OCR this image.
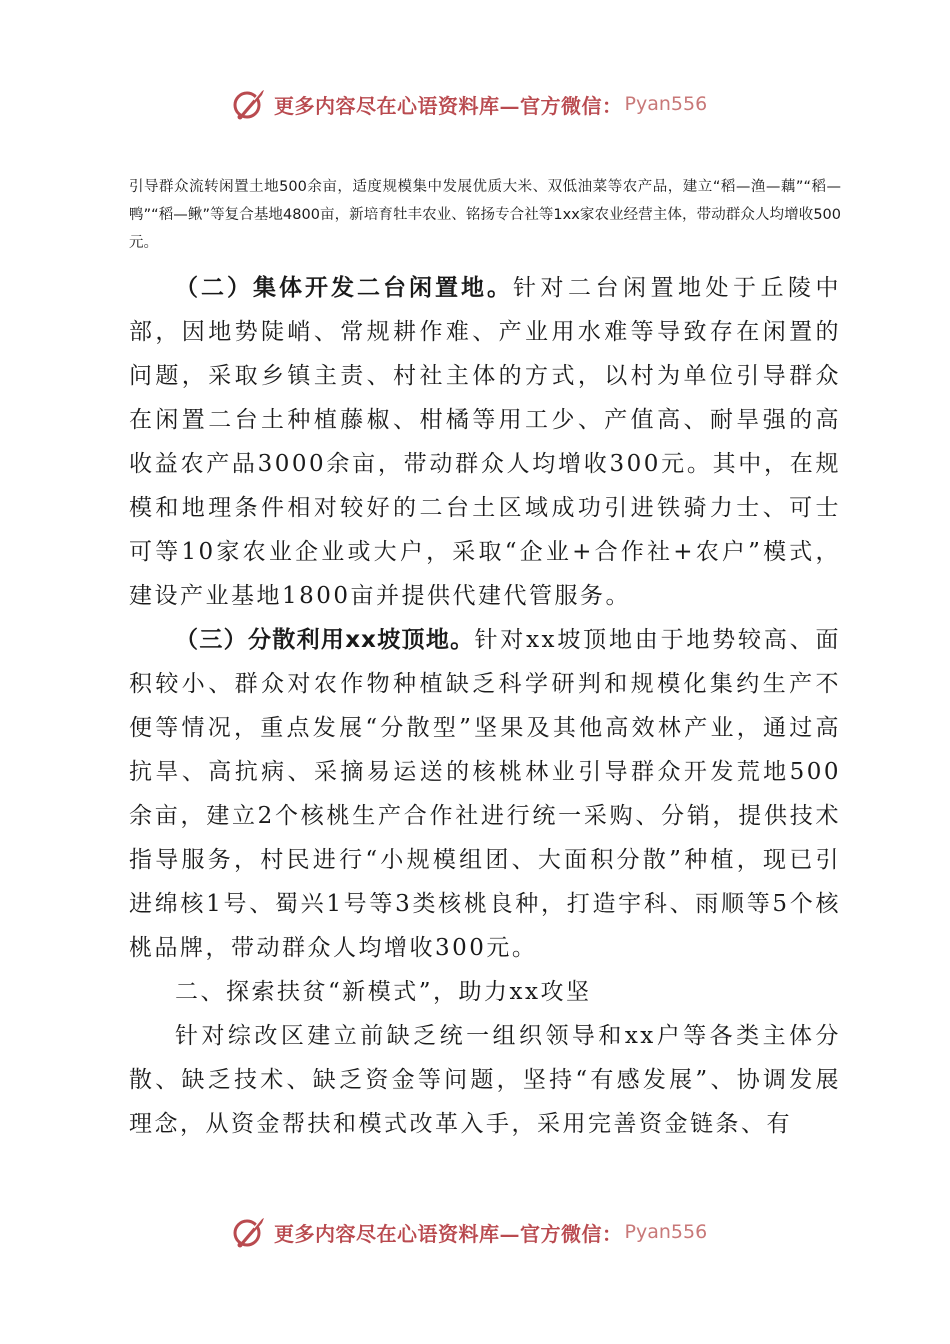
更多内容尽在心语资料库—官方微信： Pyan556

引导群众流转闲置土地500余亩，适度规模集中发展优质大米、双低油菜等农产品，建立“稻—渔—藕”“稻—鸭”“稻—鳅”等复合基地4800亩，新培育牡丰农业、铭扬专合社等1xx家农业经营主体，带动群众人均增收500元。

（二）集体开发二台闲置地。针对二台闲置地处于丘陵中部，因地势陡峭、常规耕作难、产业用水难等导致存在闲置的问题，采取乡镇主责、村社主体的方式，以村为单位引导群众在闲置二台土种植藤椒、柑橘等用工少、产值高、耐旱强的高收益农产品3000余亩，带动群众人均增收300元。其中，在规模和地理条件相对较好的二台土区域成功引进铁骑力士、可士可等10家农业企业或大户，采取“企业+合作社+农户”模式，建设产业基地1800亩并提供代建代管服务。

（三）分散利用xx坡顶地。针对xx坡顶地由于地势较高、面积较小、群众对农作物种植缺乏科学研判和规模化集约生产不便等情况，重点发展“分散型”坚果及其他高效林产业，通过高抗旱、高抗病、采摘易运送的核桃林业引导群众开发荒地500余亩，建立2个核桃生产合作社进行统一采购、分销，提供技术指导服务，村民进行“小规模组团、大面积分散”种植，现已引进绵核1号、蜀兴1号等3类核桃良种，打造宇科、雨顺等5个核桃品牌，带动群众人均增收300元。

二、探索扶贫“新模式”，助力xx攻坚

针对综改区建立前缺乏统一组织领导和xx户等各类主体分散、缺乏技术、缺乏资金等问题，坚持“有感发展”、协调发展理念，从资金帮扶和模式改革入手，采用完善资金链条、有

更多内容尽在心语资料库—官方微信： Pyan556
